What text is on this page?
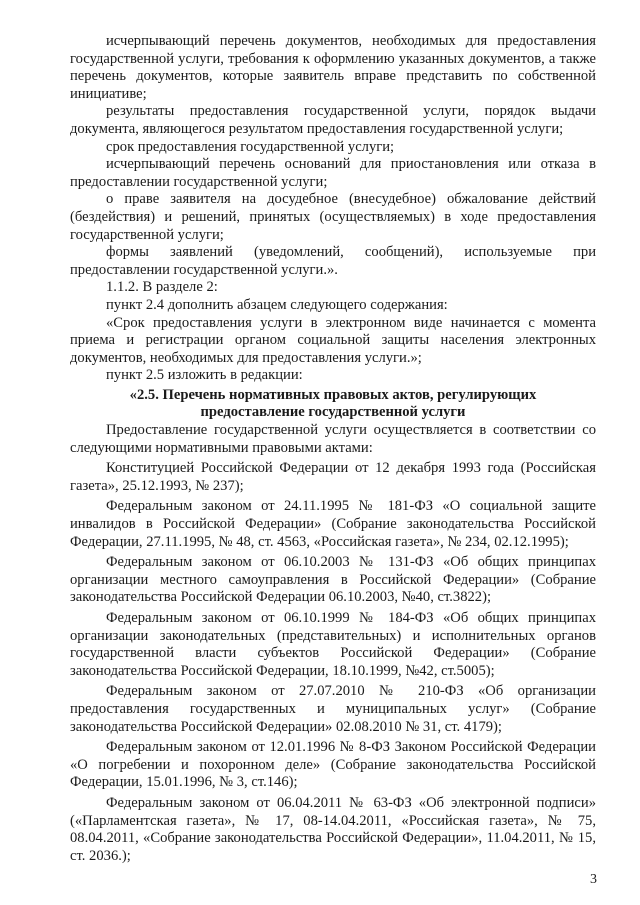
исчерпывающий перечень документов, необходимых для предоставления государственной услуги, требования к оформлению указанных документов, а также перечень документов, которые заявитель вправе представить по собственной инициативе;

результаты предоставления государственной услуги, порядок выдачи документа, являющегося результатом предоставления государственной услуги;

срок предоставления государственной услуги;

исчерпывающий перечень оснований для приостановления или отказа в предоставлении государственной услуги;

о праве заявителя на досудебное (внесудебное) обжалование действий (бездействия) и решений, принятых (осуществляемых) в ходе предоставления государственной услуги;

формы заявлений (уведомлений, сообщений), используемые при предоставлении государственной услуги.».

1.1.2. В разделе 2:

пункт 2.4 дополнить абзацем следующего содержания:

«Срок предоставления услуги в электронном виде начинается с момента приема и регистрации органом социальной защиты населения электронных документов, необходимых для предоставления услуги.»;

пункт 2.5 изложить в редакции:

«2.5. Перечень нормативных правовых актов, регулирующих
предоставление государственной услуги

Предоставление государственной услуги осуществляется в соответствии со следующими нормативными правовыми актами:

Конституцией Российской Федерации от 12 декабря 1993 года (Российская газета», 25.12.1993, № 237);

Федеральным законом от 24.11.1995 № 181-ФЗ «О социальной защите инвалидов в Российской Федерации» (Собрание законодательства Российской Федерации, 27.11.1995, № 48, ст. 4563, «Российская газета», № 234, 02.12.1995);

Федеральным законом от 06.10.2003 № 131-ФЗ «Об общих принципах организации местного самоуправления в Российской Федерации» (Собрание законодательства Российской Федерации 06.10.2003, №40, ст.3822);

Федеральным законом от 06.10.1999 № 184-ФЗ «Об общих принципах организации законодательных (представительных) и исполнительных органов государственной власти субъектов Российской Федерации» (Собрание законодательства Российской Федерации, 18.10.1999, №42, ст.5005);

Федеральным законом от 27.07.2010 № 210-ФЗ «Об организации предоставления государственных и муниципальных услуг» (Собрание законодательства Российской Федерации» 02.08.2010 № 31, ст. 4179);

Федеральным законом от 12.01.1996 № 8-ФЗ Законом Российской Федерации «О погребении и похоронном деле» (Собрание законодательства Российской Федерации, 15.01.1996, № 3, ст.146);

Федеральным законом от 06.04.2011 № 63-ФЗ «Об электронной подписи» («Парламентская газета», № 17, 08-14.04.2011, «Российская газета», № 75, 08.04.2011, «Собрание законодательства Российской Федерации», 11.04.2011, № 15, ст. 2036.);

3
